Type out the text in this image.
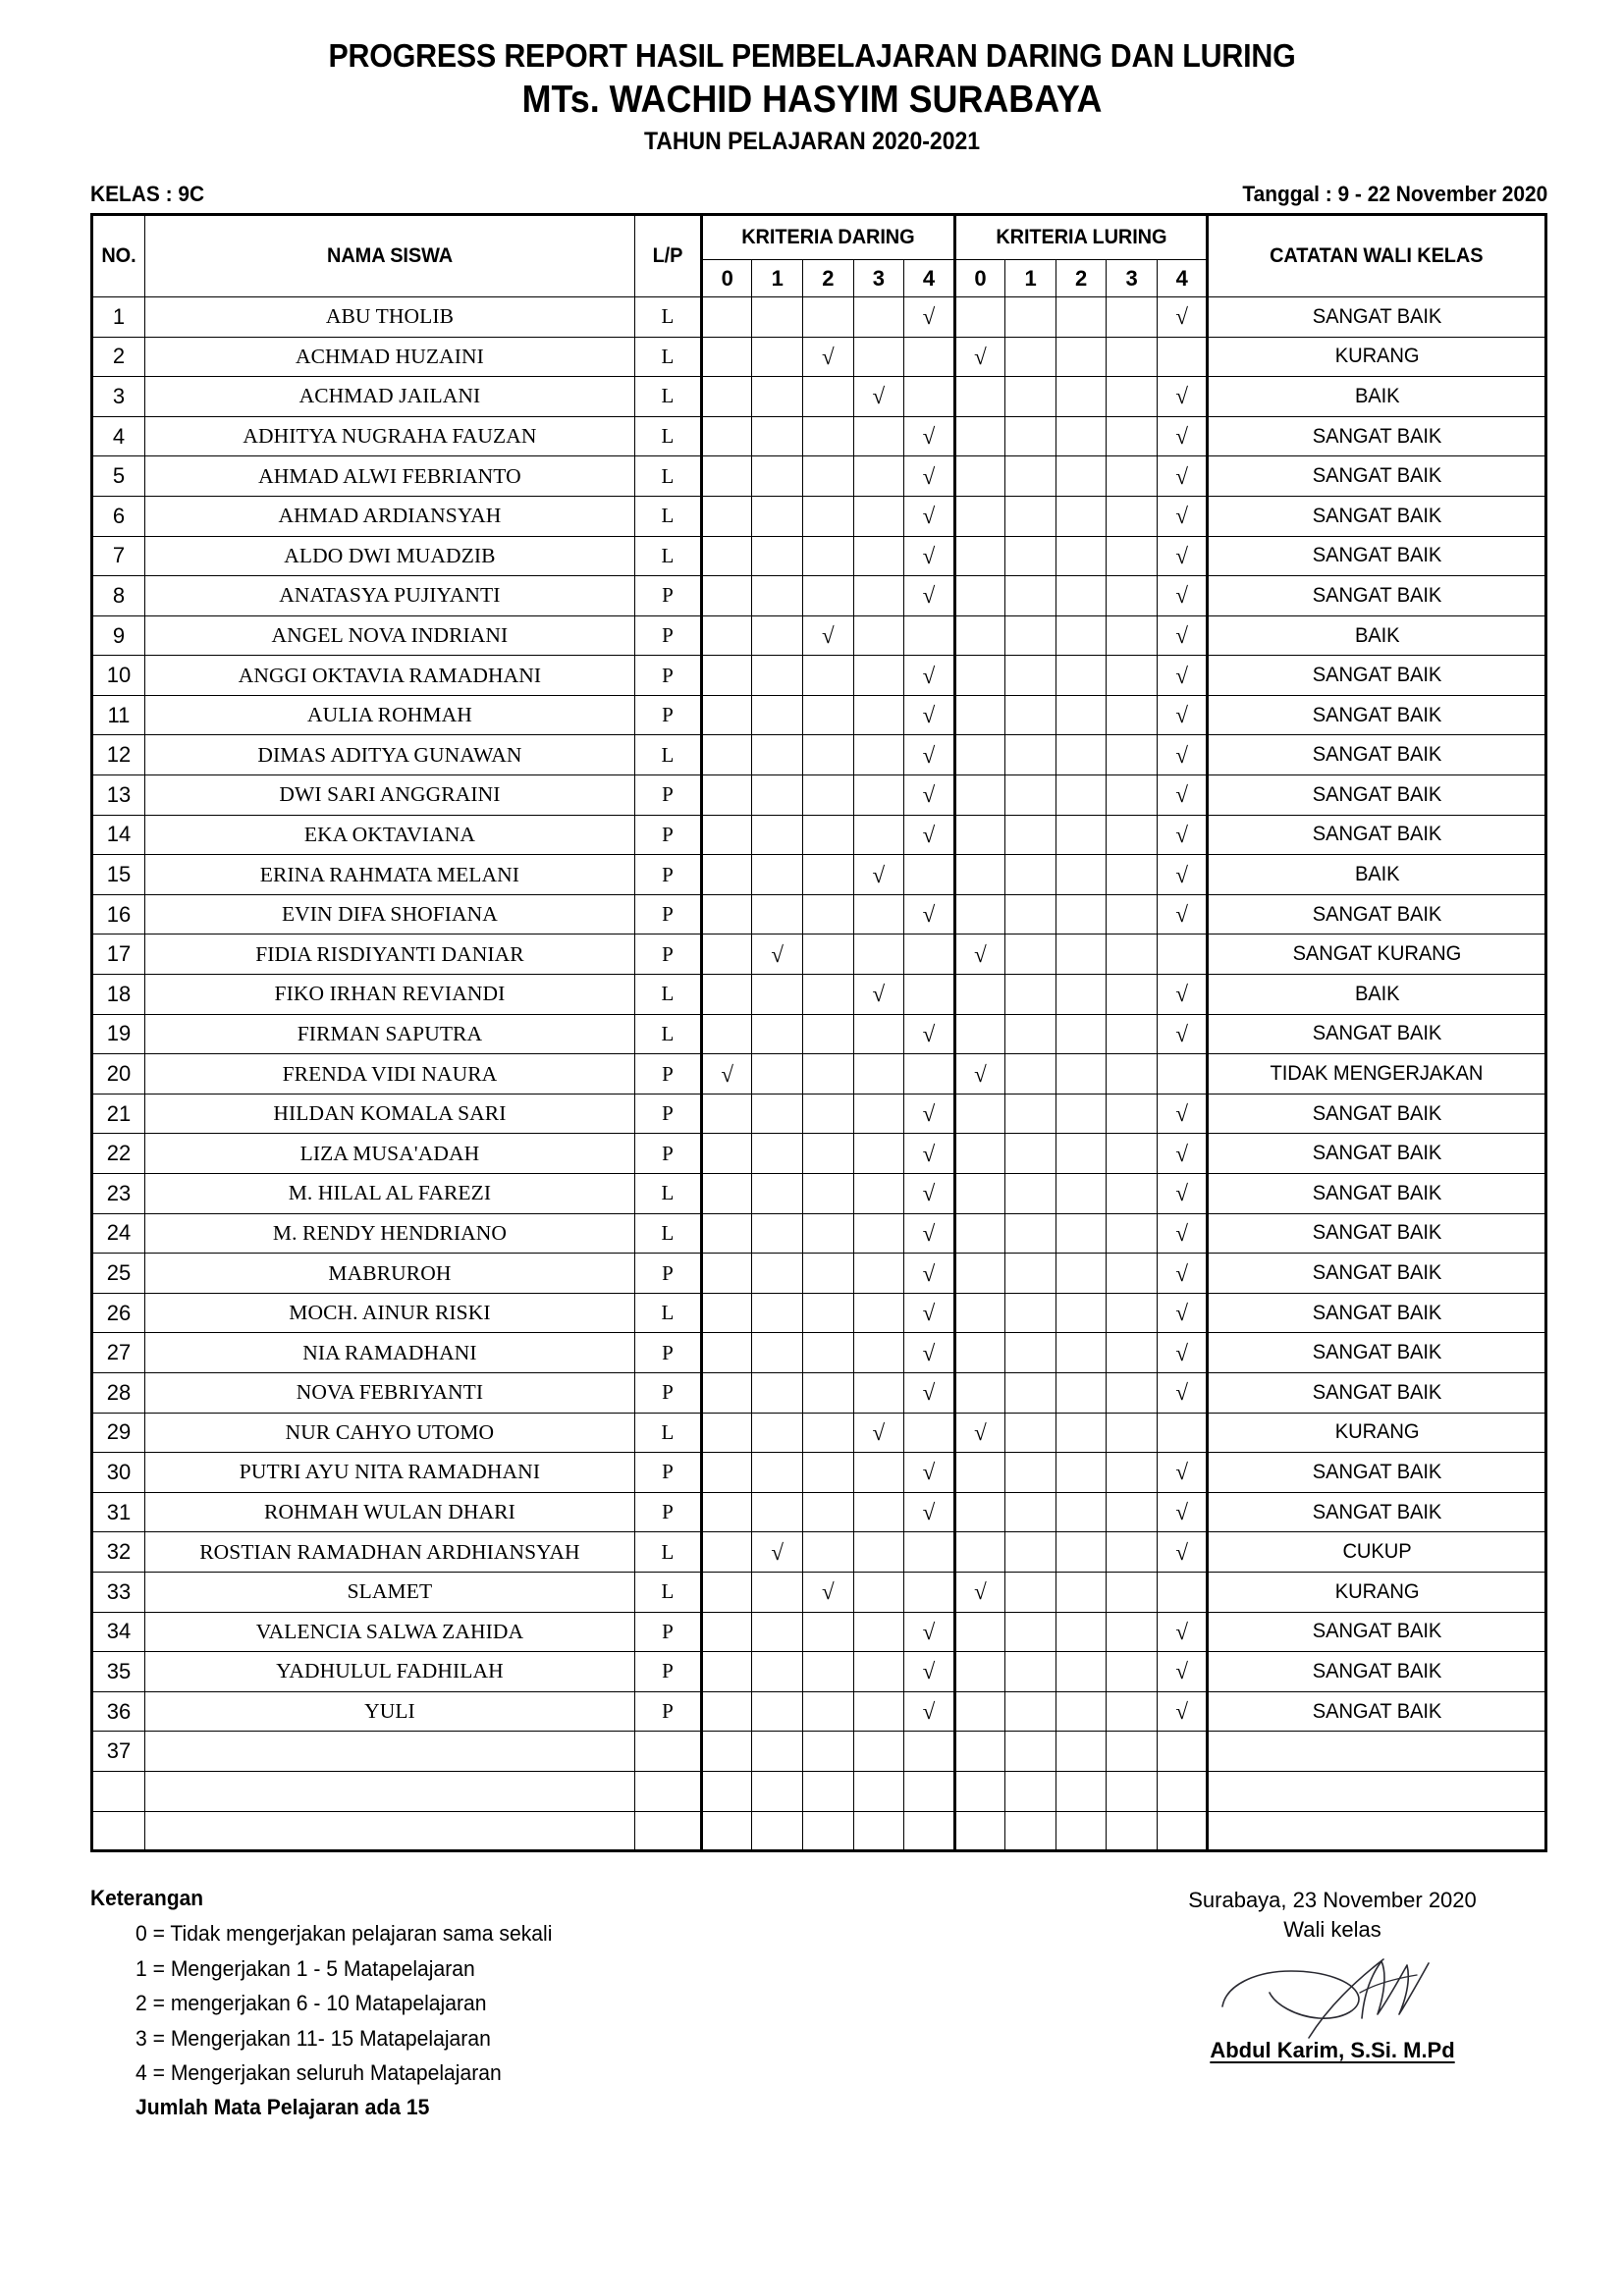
PROGRESS REPORT HASIL PEMBELAJARAN DARING DAN LURING
MTs. WACHID HASYIM SURABAYA
TAHUN PELAJARAN 2020-2021
KELAS : 9C	Tanggal : 9 - 22 November 2020
NO.	NAMA SISWA	L/P	KRITERIA DARING					KRITERIA LURING					CATATAN WALI KELAS

			0	1	2	3	4	0	1	2	3	4	
1	ABU THOLIB	L					√					√	SANGAT BAIK
2	ACHMAD HUZAINI	L			√			√					KURANG
3	ACHMAD JAILANI	L				√						√	BAIK
4	ADHITYA NUGRAHA FAUZAN	L					√					√	SANGAT BAIK
5	AHMAD ALWI FEBRIANTO	L					√					√	SANGAT BAIK
6	AHMAD ARDIANSYAH	L					√					√	SANGAT BAIK
7	ALDO DWI MUADZIB	L					√					√	SANGAT BAIK
8	ANATASYA PUJIYANTI	P					√					√	SANGAT BAIK
9	ANGEL NOVA INDRIANI	P			√							√	BAIK
10	ANGGI OKTAVIA RAMADHANI	P					√					√	SANGAT BAIK
11	AULIA ROHMAH	P					√					√	SANGAT BAIK
12	DIMAS ADITYA GUNAWAN	L					√					√	SANGAT BAIK
13	DWI SARI ANGGRAINI	P					√					√	SANGAT BAIK
14	EKA OKTAVIANA	P					√					√	SANGAT BAIK
15	ERINA RAHMATA MELANI	P				√						√	BAIK
16	EVIN DIFA SHOFIANA	P					√					√	SANGAT BAIK
17	FIDIA RISDIYANTI DANIAR	P		√				√					SANGAT KURANG
18	FIKO IRHAN REVIANDI	L				√						√	BAIK
19	FIRMAN SAPUTRA	L					√					√	SANGAT BAIK
20	FRENDA VIDI NAURA	P	√					√					TIDAK MENGERJAKAN
21	HILDAN KOMALA SARI	P					√					√	SANGAT BAIK
22	LIZA MUSA'ADAH	P					√					√	SANGAT BAIK
23	M. HILAL AL FAREZI	L					√					√	SANGAT BAIK
24	M. RENDY HENDRIANO	L					√					√	SANGAT BAIK
25	MABRUROH	P					√					√	SANGAT BAIK
26	MOCH. AINUR RISKI	L					√					√	SANGAT BAIK
27	NIA RAMADHANI	P					√					√	SANGAT BAIK
28	NOVA FEBRIYANTI	P					√					√	SANGAT BAIK
29	NUR CAHYO UTOMO	L				√		√					KURANG
30	PUTRI AYU NITA RAMADHANI	P					√					√	SANGAT BAIK
31	ROHMAH WULAN DHARI	P					√					√	SANGAT BAIK
32	ROSTIAN RAMADHAN ARDHIANSYAH	L		√								√	CUKUP
33	SLAMET	L			√			√					KURANG
34	VALENCIA SALWA ZAHIDA	P					√					√	SANGAT BAIK
35	YADHULUL FADHILAH	P					√					√	SANGAT BAIK
36	YULI	P					√					√	SANGAT BAIK
37													

Keterangan
0 = Tidak mengerjakan pelajaran sama sekali
1 = Mengerjakan 1 - 5 Matapelajaran
2 = mengerjakan 6 - 10 Matapelajaran
3 = Mengerjakan 11- 15 Matapelajaran
4 = Mengerjakan seluruh Matapelajaran
Jumlah Mata Pelajaran ada 15
Surabaya, 23 November 2020
Wali kelas
Abdul Karim, S.Si. M.Pd
